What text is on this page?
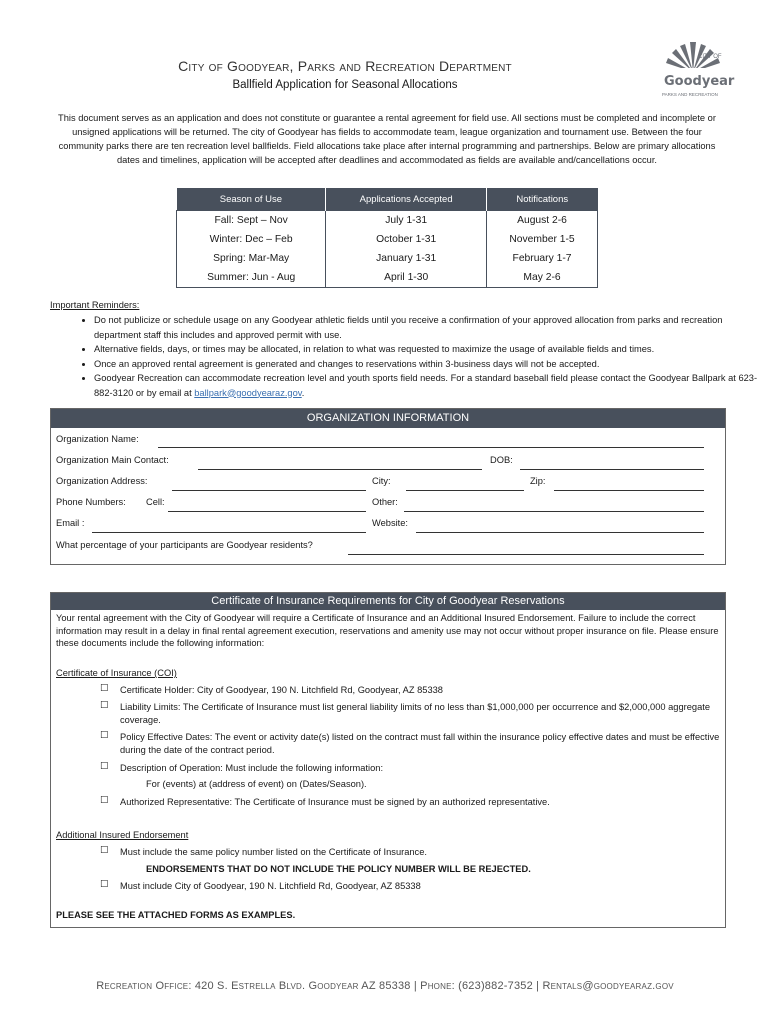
City of Goodyear, Parks and Recreation Department
Ballfield Application for Seasonal Allocations
CITY OF
Goodyear
PARKS AND RECREATION
This document serves as an application and does not constitute or guarantee a rental agreement for field use. All sections must be completed and incomplete or unsigned applications will be returned. The city of Goodyear has fields to accommodate team, league organization and tournament use. Between the four community parks there are ten recreation level ballfields. Field allocations take place after internal programming and partnerships. Below are primary allocations dates and timelines, application will be accepted after deadlines and accommodated as fields are available and/cancellations occur.
Season of Use	Applications Accepted	Notifications
Fall: Sept – Nov	July 1-31	August 2-6
Winter: Dec – Feb	October 1-31	November 1-5
Spring: Mar-May	January 1-31	February 1-7
Summer: Jun - Aug	April 1-30	May 2-6
Important Reminders:
• Do not publicize or schedule usage on any Goodyear athletic fields until you receive a confirmation of your approved allocation from parks and recreation department staff this includes and approved permit with use.
• Alternative fields, days, or times may be allocated, in relation to what was requested to maximize the usage of available fields and times.
• Once an approved rental agreement is generated and changes to reservations within 3-business days will not be accepted.
• Goodyear Recreation can accommodate recreation level and youth sports field needs. For a standard baseball field please contact the Goodyear Ballpark at 623-882-3120 or by email at ballpark@goodyearaz.gov.
ORGANIZATION INFORMATION
Organization Name:
Organization Main Contact:	DOB:
Organization Address:	City:	Zip:
Phone Numbers: Cell:	Other:
Email :	Website:
What percentage of your participants are Goodyear residents?
Certificate of Insurance Requirements for City of Goodyear Reservations
Your rental agreement with the City of Goodyear will require a Certificate of Insurance and an Additional Insured Endorsement. Failure to include the correct information may result in a delay in final rental agreement execution, reservations and amenity use may not occur without proper insurance on file. Please ensure these documents include the following information:
Certificate of Insurance (COI)
☐ Certificate Holder: City of Goodyear, 190 N. Litchfield Rd, Goodyear, AZ 85338
☐ Liability Limits: The Certificate of Insurance must list general liability limits of no less than $1,000,000 per occurrence and $2,000,000 aggregate coverage.
☐ Policy Effective Dates: The event or activity date(s) listed on the contract must fall within the insurance policy effective dates and must be effective during the date of the contract period.
☐ Description of Operation: Must include the following information:
For (events) at (address of event) on (Dates/Season).
☐ Authorized Representative: The Certificate of Insurance must be signed by an authorized representative.
Additional Insured Endorsement
☐ Must include the same policy number listed on the Certificate of Insurance.
ENDORSEMENTS THAT DO NOT INCLUDE THE POLICY NUMBER WILL BE REJECTED.
☐ Must include City of Goodyear, 190 N. Litchfield Rd, Goodyear, AZ 85338
PLEASE SEE THE ATTACHED FORMS AS EXAMPLES.
Recreation Office: 420 S. Estrella Blvd. Goodyear AZ 85338 | Phone: (623)882-7352 | Rentals@goodyearaz.gov
